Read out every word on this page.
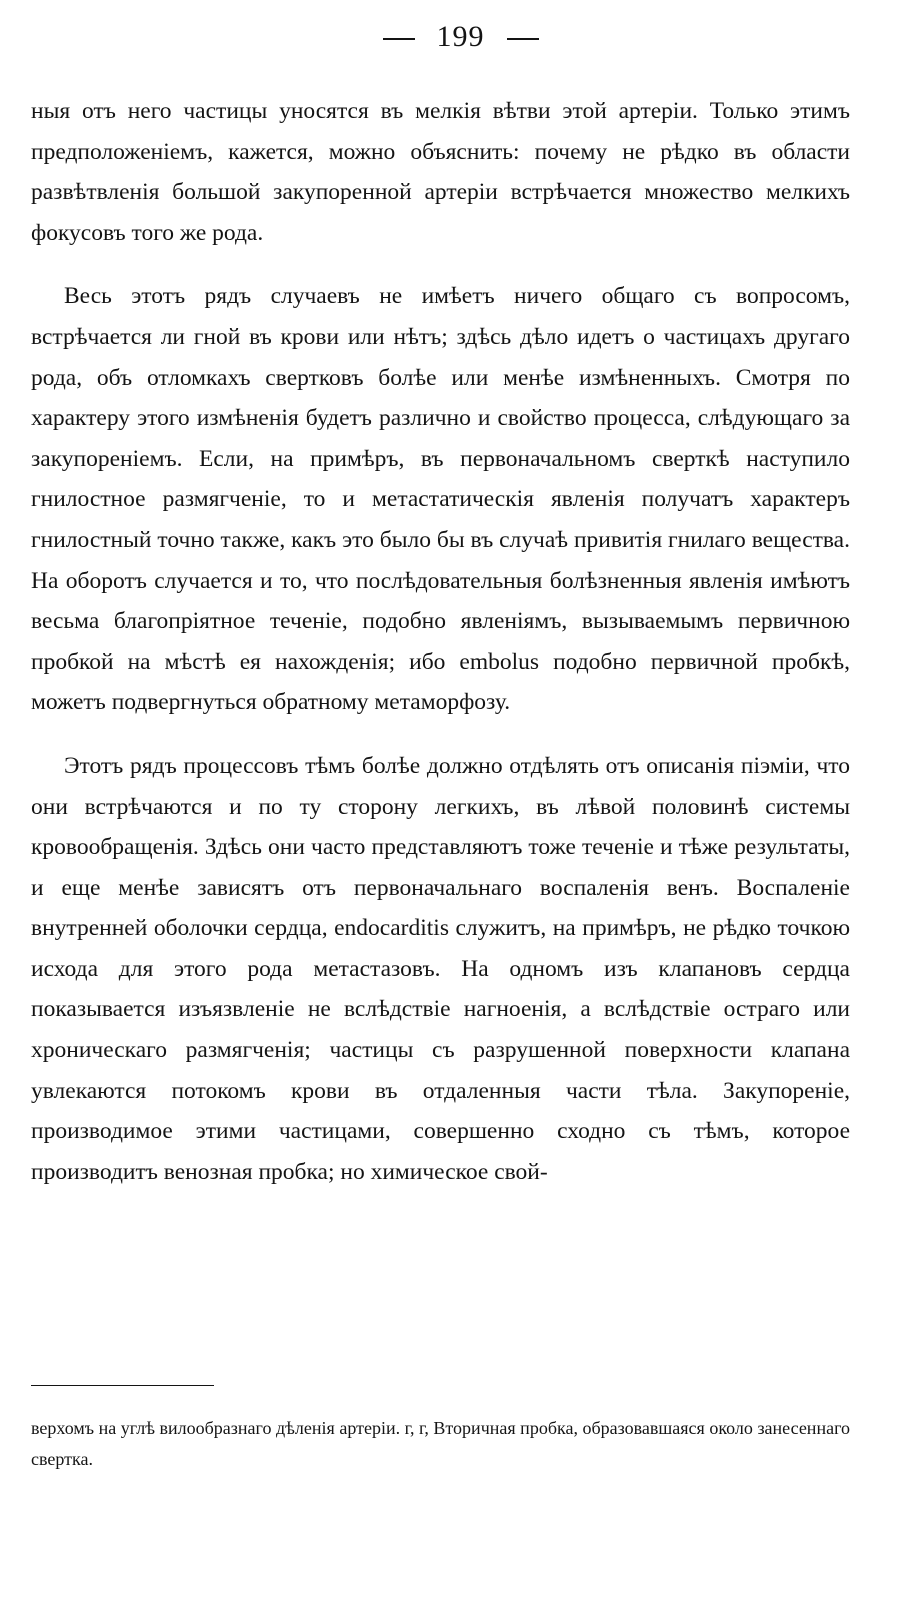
199

ныя отъ него частицы уносятся въ мелкія вѣтви этой артеріи. Только этимъ предположеніемъ, кажется, можно объяснить: почему не рѣдко въ области развѣтвленія большой закупоренной артеріи встрѣчается множество мелкихъ фокусовъ того же рода.

Весь этотъ рядъ случаевъ не имѣетъ ничего общаго съ вопросомъ, встрѣчается ли гной въ крови или нѣтъ; здѣсь дѣло идетъ о частицахъ другаго рода, объ отломкахъ свертковъ болѣе или менѣе измѣненныхъ. Смотря по характеру этого измѣненія будетъ различно и свойство процесса, слѣдующаго за закупореніемъ. Если, на примѣръ, въ первоначальномъ сверткѣ наступило гнилостное размягченіе, то и метастатическія явленія получатъ характеръ гнилостный точно также, какъ это было бы въ случаѣ привитія гнилаго вещества. На оборотъ случается и то, что послѣдовательныя болѣзненныя явленія имѣютъ весьма благопріятное теченіе, подобно явленіямъ, вызываемымъ первичною пробкой на мѣстѣ ея нахожденія; ибо embolus подобно первичной пробкѣ, можетъ подвергнуться обратному метаморфозу.

Этотъ рядъ процессовъ тѣмъ болѣе должно отдѣлять отъ описанія піэміи, что они встрѣчаются и по ту сторону легкихъ, въ лѣвой половинѣ системы кровообращенія. Здѣсь они часто представляютъ тоже теченіе и тѣже результаты, и еще менѣе зависятъ отъ первоначальнаго воспаленія венъ. Воспаленіе внутренней оболочки сердца, endocarditis служитъ, на примѣръ, не рѣдко точкою исхода для этого рода метастазовъ. На одномъ изъ клапановъ сердца показывается изъязвленіе не вслѣдствіе нагноенія, а вслѣдствіе остраго или хроническаго размягченія; частицы съ разрушенной поверхности клапана увлекаются потокомъ крови въ отдаленныя части тѣла. Закупореніе, производимое этими частицами, совершенно сходно съ тѣмъ, которое производитъ венозная пробка; но химическое свой-

верхомъ на углѣ вилообразнаго дѣленія артеріи. г, г, Вторичная пробка, образовавшаяся около занесеннаго свертка.
